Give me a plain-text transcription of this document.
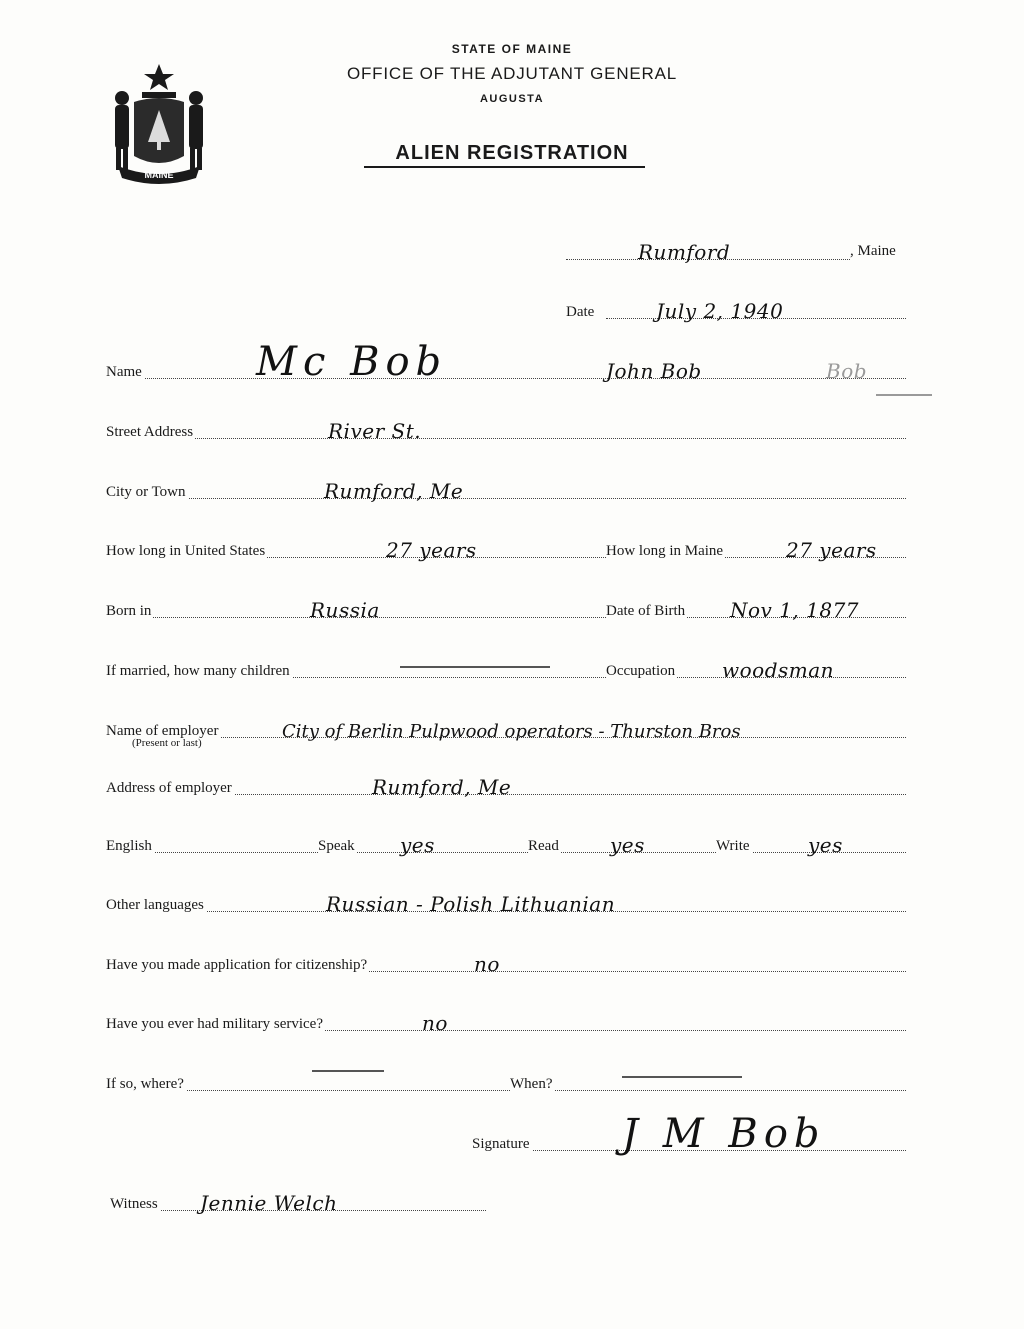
MAINE
STATE OF MAINE
OFFICE OF THE ADJUTANT GENERAL
AUGUSTA
ALIEN REGISTRATION
Rumford	, Maine
Date	July 2, 1940
Name	Mc Bob	John Bob	Bob
Street Address	River St.
City or Town	Rumford, Me
How long in United States	27 years	How long in Maine	27 years
Born in	Russia	Date of Birth Nov 1, 1877
If married, how many children	Occupation woodsman
Name of employer	City of Berlin Pulpwood operators - Thurston Bros
(Present or last)
Address of employer	Rumford, Me
English	Speak yes	Read	yes	Write	yes
Other languages	Russian - Polish Lithuanian
Have you made application for citizenship?	no
Have you ever had military service?	no
If so, where?	When?
Signature J M Bob
Witness Jennie Welch
